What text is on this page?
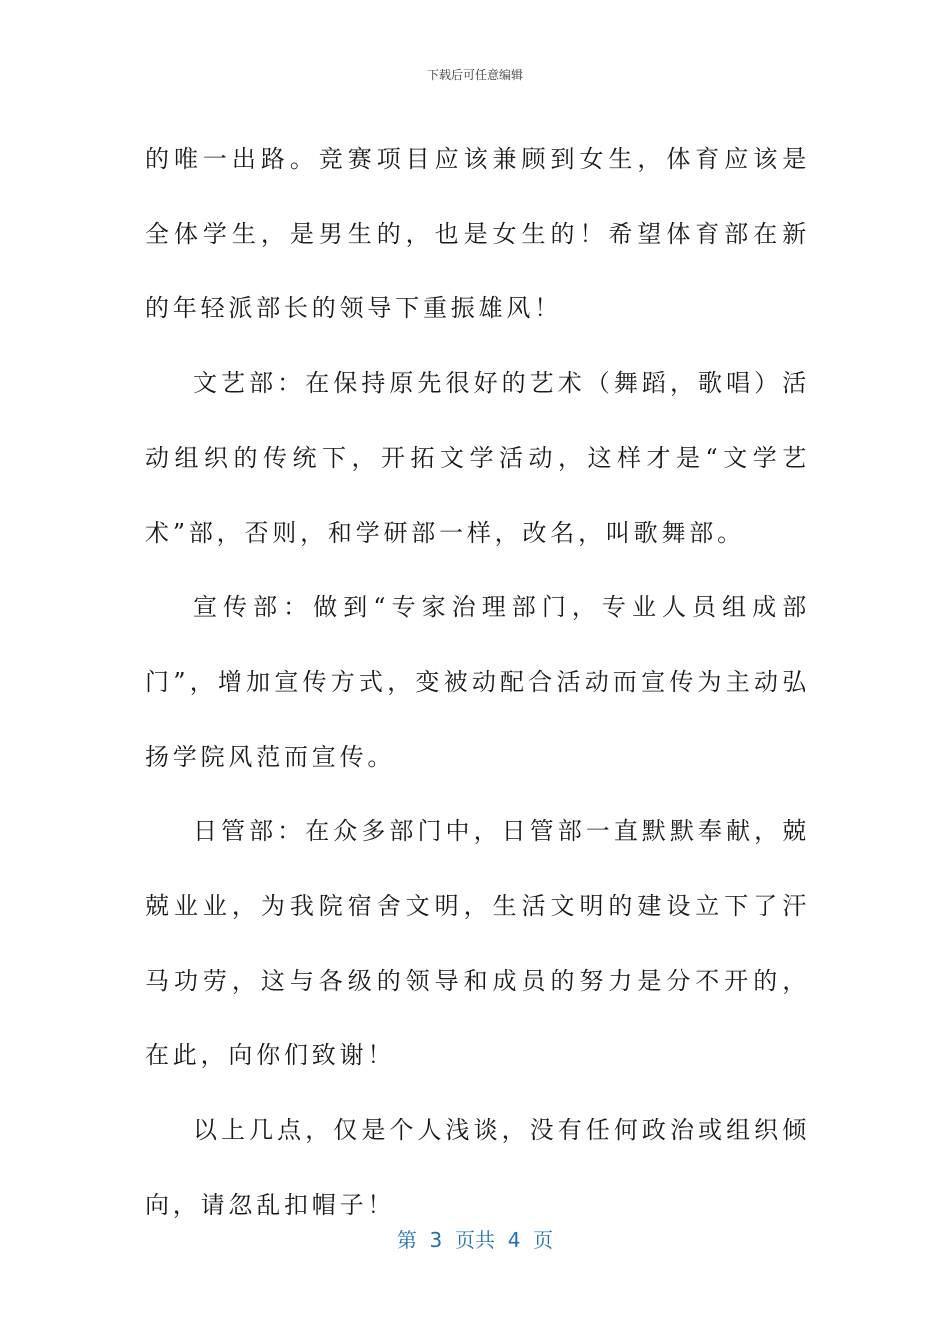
下载后可任意编辑

的唯一出路。竞赛项目应该兼顾到女生，体育应该是全体学生，是男生的，也是女生的！希望体育部在新的年轻派部长的领导下重振雄风！

文艺部：在保持原先很好的艺术（舞蹈，歌唱）活动组织的传统下，开拓文学活动，这样才是“文学艺术”部，否则，和学研部一样，改名，叫歌舞部。

宣传部：做到“专家治理部门，专业人员组成部门”，增加宣传方式，变被动配合活动而宣传为主动弘扬学院风范而宣传。

日管部：在众多部门中，日管部一直默默奉献，兢兢业业，为我院宿舍文明，生活文明的建设立下了汗马功劳，这与各级的领导和成员的努力是分不开的，在此，向你们致谢！

以上几点，仅是个人浅谈，没有任何政治或组织倾向，请忽乱扣帽子！

第  3  页共  4  页
